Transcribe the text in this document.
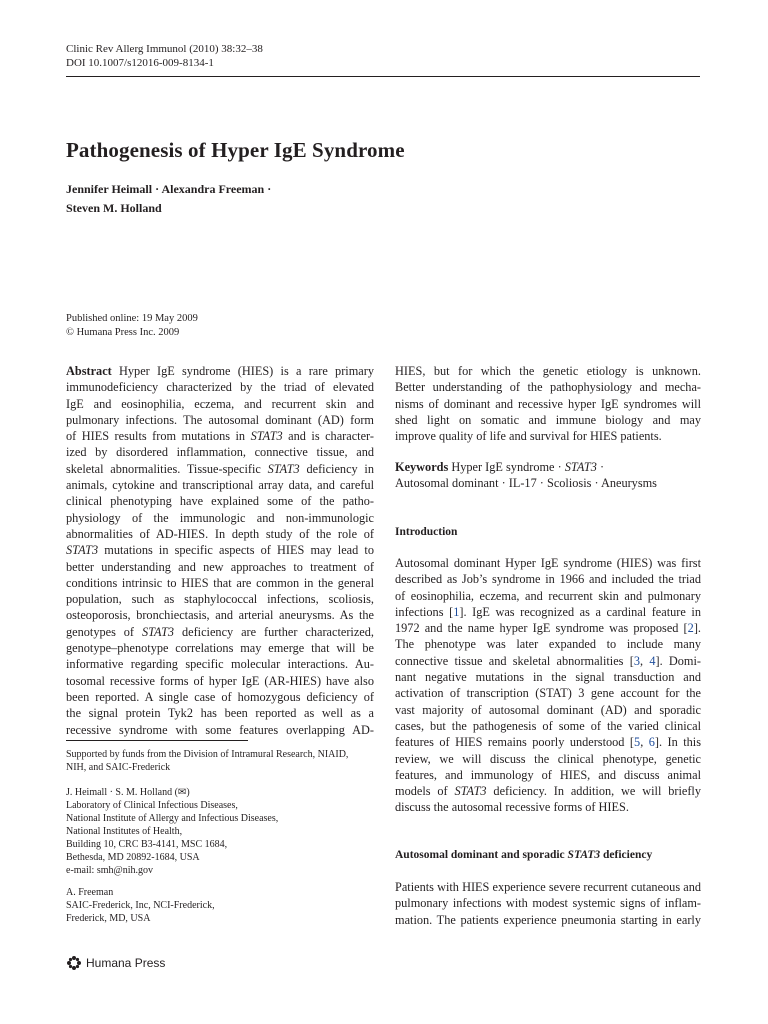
Clinic Rev Allerg Immunol (2010) 38:32–38
DOI 10.1007/s12016-009-8134-1
Pathogenesis of Hyper IgE Syndrome
Jennifer Heimall · Alexandra Freeman ·
Steven M. Holland
Published online: 19 May 2009
© Humana Press Inc. 2009
Abstract Hyper IgE syndrome (HIES) is a rare primary
immunodeficiency characterized by the triad of elevated
IgE and eosinophilia, eczema, and recurrent skin and
pulmonary infections. The autosomal dominant (AD) form
of HIES results from mutations in STAT3 and is character-
ized by disordered inflammation, connective tissue, and
skeletal abnormalities. Tissue-specific STAT3 deficiency in
animals, cytokine and transcriptional array data, and careful
clinical phenotyping have explained some of the patho-
physiology of the immunologic and non-immunologic
abnormalities of AD-HIES. In depth study of the role of
STAT3 mutations in specific aspects of HIES may lead to
better understanding and new approaches to treatment of
conditions intrinsic to HIES that are common in the general
population, such as staphylococcal infections, scoliosis,
osteoporosis, bronchiectasis, and arterial aneurysms. As the
genotypes of STAT3 deficiency are further characterized,
genotype–phenotype correlations may emerge that will be
informative regarding specific molecular interactions. Au-
tosomal recessive forms of hyper IgE (AR-HIES) have also
been reported. A single case of homozygous deficiency of
the signal protein Tyk2 has been reported as well as a
recessive syndrome with some features overlapping AD-
Supported by funds from the Division of Intramural Research, NIAID,
NIH, and SAIC-Frederick
J. Heimall · S. M. Holland (✉)
Laboratory of Clinical Infectious Diseases,
National Institute of Allergy and Infectious Diseases,
National Institutes of Health,
Building 10, CRC B3-4141, MSC 1684,
Bethesda, MD 20892-1684, USA
e-mail: smh@nih.gov
A. Freeman
SAIC-Frederick, Inc, NCI-Frederick,
Frederick, MD, USA
HIES, but for which the genetic etiology is unknown.
Better understanding of the pathophysiology and mecha-
nisms of dominant and recessive hyper IgE syndromes will
shed light on somatic and immune biology and may
improve quality of life and survival for HIES patients.
Keywords Hyper IgE syndrome · STAT3 ·
Autosomal dominant · IL-17 · Scoliosis · Aneurysms
Introduction
Autosomal dominant Hyper IgE syndrome (HIES) was first
described as Job’s syndrome in 1966 and included the triad
of eosinophilia, eczema, and recurrent skin and pulmonary
infections [1]. IgE was recognized as a cardinal feature in
1972 and the name hyper IgE syndrome was proposed [2].
The phenotype was later expanded to include many
connective tissue and skeletal abnormalities [3, 4]. Domi-
nant negative mutations in the signal transduction and
activation of transcription (STAT) 3 gene account for the
vast majority of autosomal dominant (AD) and sporadic
cases, but the pathogenesis of some of the varied clinical
features of HIES remains poorly understood [5, 6]. In this
review, we will discuss the clinical phenotype, genetic
features, and immunology of HIES, and discuss animal
models of STAT3 deficiency. In addition, we will briefly
discuss the autosomal recessive forms of HIES.
Autosomal dominant and sporadic STAT3 deficiency
Patients with HIES experience severe recurrent cutaneous and
pulmonary infections with modest systemic signs of inflam-
mation. The patients experience pneumonia starting in early
Humana Press
